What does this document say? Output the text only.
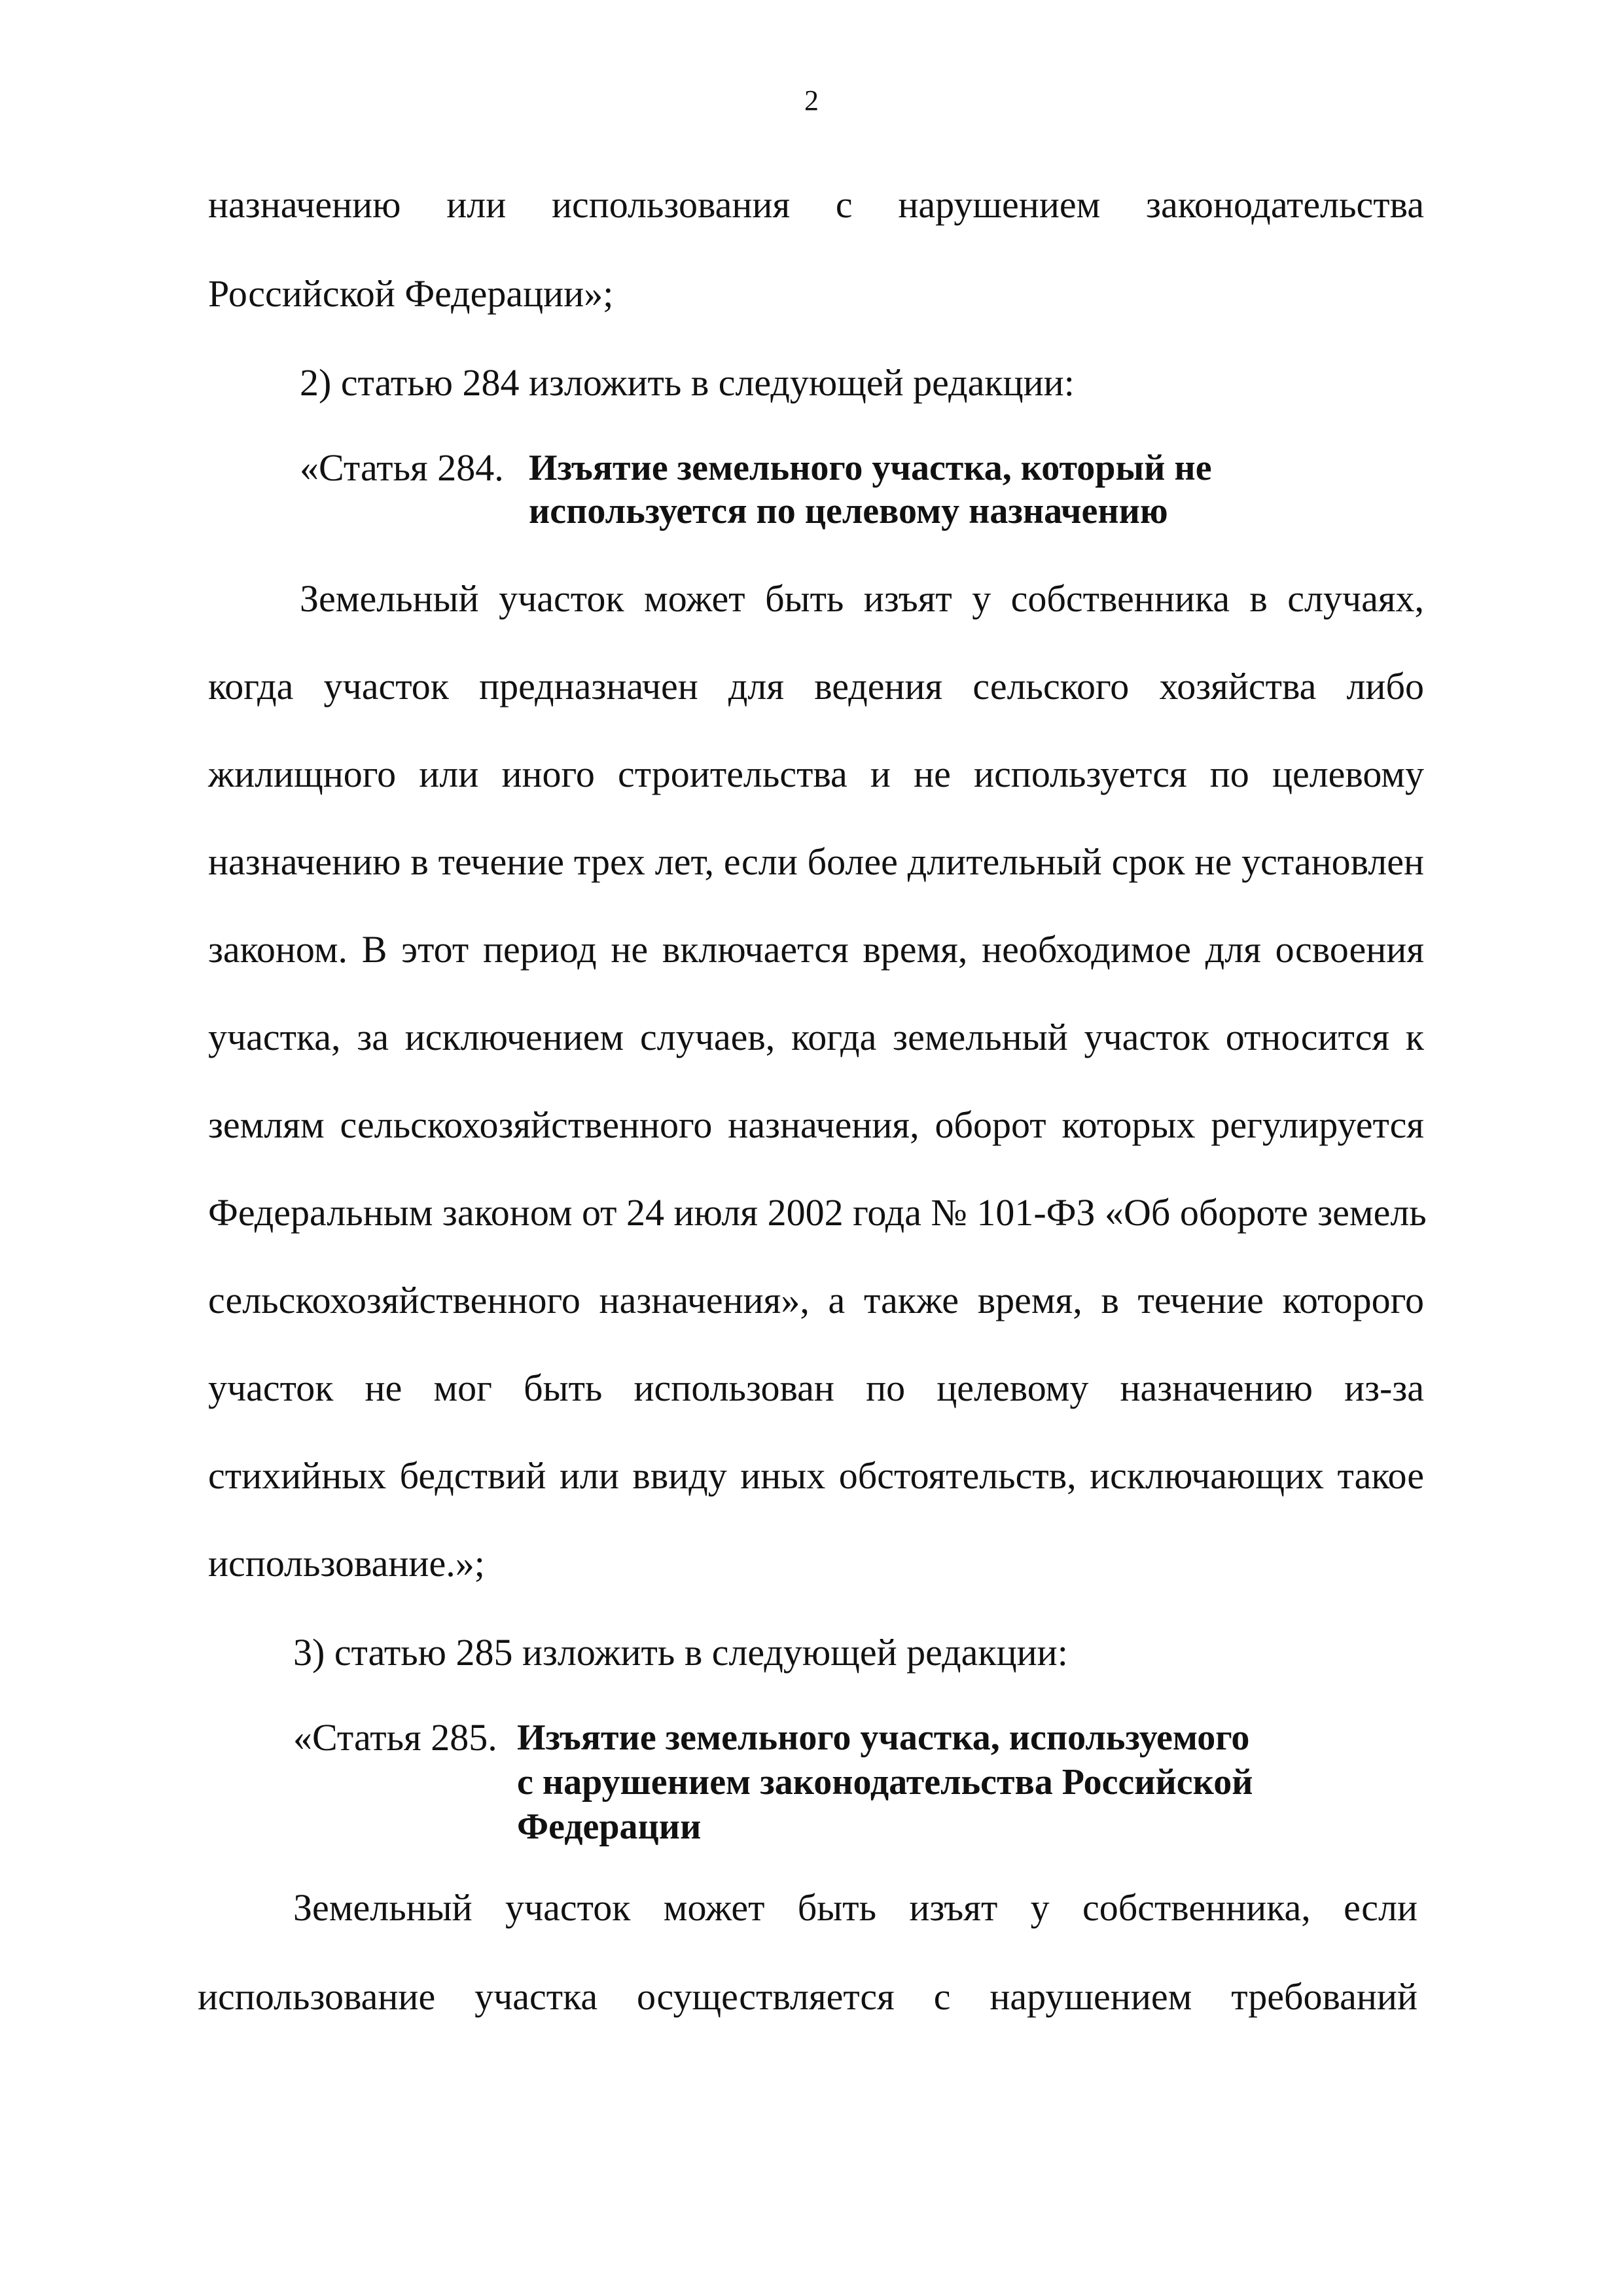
2
назначению или использования с нарушением законодательства
Российской Федерации»;
2) статью 284 изложить в следующей редакции:
«Статья 284. Изъятие земельного участка, который не
используется по целевому назначению
Земельный участок может быть изъят у собственника в случаях,
когда участок предназначен для ведения сельского хозяйства либо
жилищного или иного строительства и не используется по целевому
назначению в течение трех лет, если более длительный срок не установлен
законом. В этот период не включается время, необходимое для освоения
участка, за исключением случаев, когда земельный участок относится к
землям сельскохозяйственного назначения, оборот которых регулируется
Федеральным законом от 24 июля 2002 года № 101-ФЗ «Об обороте земель
сельскохозяйственного назначения», а также время, в течение которого
участок не мог быть использован по целевому назначению из-за
стихийных бедствий или ввиду иных обстоятельств, исключающих такое
использование.»;
3) статью 285 изложить в следующей редакции:
«Статья 285. Изъятие земельного участка, используемого
с нарушением законодательства Российской
Федерации
Земельный участок может быть изъят у собственника, если
использование участка осуществляется с нарушением требований
